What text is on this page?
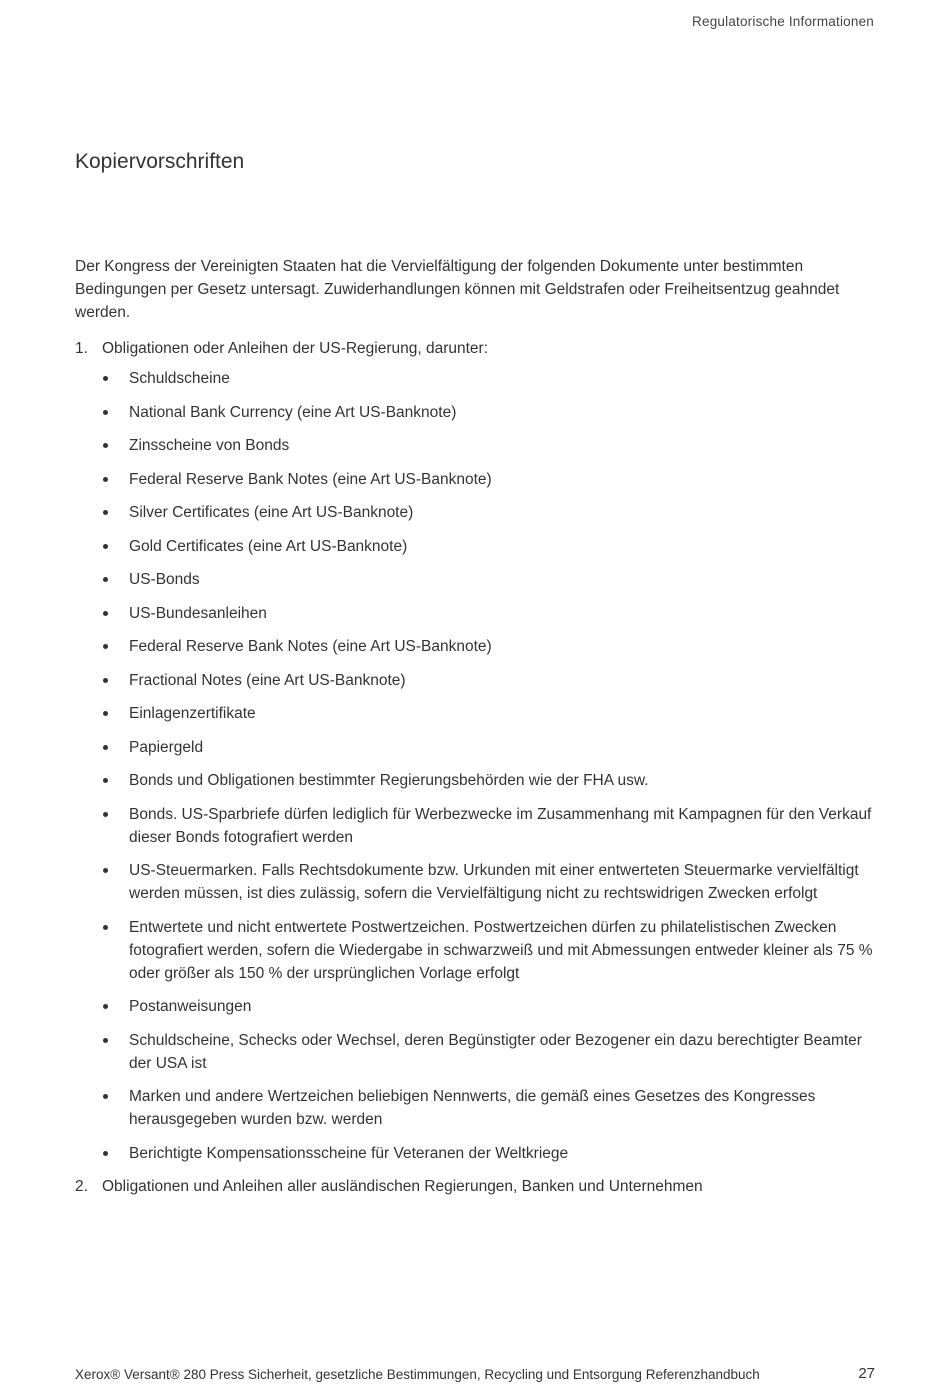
Regulatorische Informationen
Kopiervorschriften

Der Kongress der Vereinigten Staaten hat die Vervielfältigung der folgenden Dokumente unter bestimmten Bedingungen per Gesetz untersagt. Zuwiderhandlungen können mit Geldstrafen oder Freiheitsentzug geahndet werden.

1. Obligationen oder Anleihen der US-Regierung, darunter:
Schuldscheine
National Bank Currency (eine Art US-Banknote)
Zinsscheine von Bonds
Federal Reserve Bank Notes (eine Art US-Banknote)
Silver Certificates (eine Art US-Banknote)
Gold Certificates (eine Art US-Banknote)
US-Bonds
US-Bundesanleihen
Federal Reserve Bank Notes (eine Art US-Banknote)
Fractional Notes (eine Art US-Banknote)
Einlagenzertifikate
Papiergeld
Bonds und Obligationen bestimmter Regierungsbehörden wie der FHA usw.
Bonds. US-Sparbriefe dürfen lediglich für Werbezwecke im Zusammenhang mit Kampagnen für den Verkauf dieser Bonds fotografiert werden
US-Steuermarken. Falls Rechtsdokumente bzw. Urkunden mit einer entwerteten Steuermarke vervielfältigt werden müssen, ist dies zulässig, sofern die Vervielfältigung nicht zu rechtswidrigen Zwecken erfolgt
Entwertete und nicht entwertete Postwertzeichen. Postwertzeichen dürfen zu philatelistischen Zwecken fotografiert werden, sofern die Wiedergabe in schwarzweiß und mit Abmessungen entweder kleiner als 75 % oder größer als 150 % der ursprünglichen Vorlage erfolgt
Postanweisungen
Schuldscheine, Schecks oder Wechsel, deren Begünstigter oder Bezogener ein dazu berechtigter Beamter der USA ist
Marken und andere Wertzeichen beliebigen Nennwerts, die gemäß eines Gesetzes des Kongresses herausgegeben wurden bzw. werden
Berichtigte Kompensationsscheine für Veteranen der Weltkriege
2. Obligationen und Anleihen aller ausländischen Regierungen, Banken und Unternehmen
Xerox® Versant® 280 Press Sicherheit, gesetzliche Bestimmungen, Recycling und Entsorgung Referenzhandbuch	27
